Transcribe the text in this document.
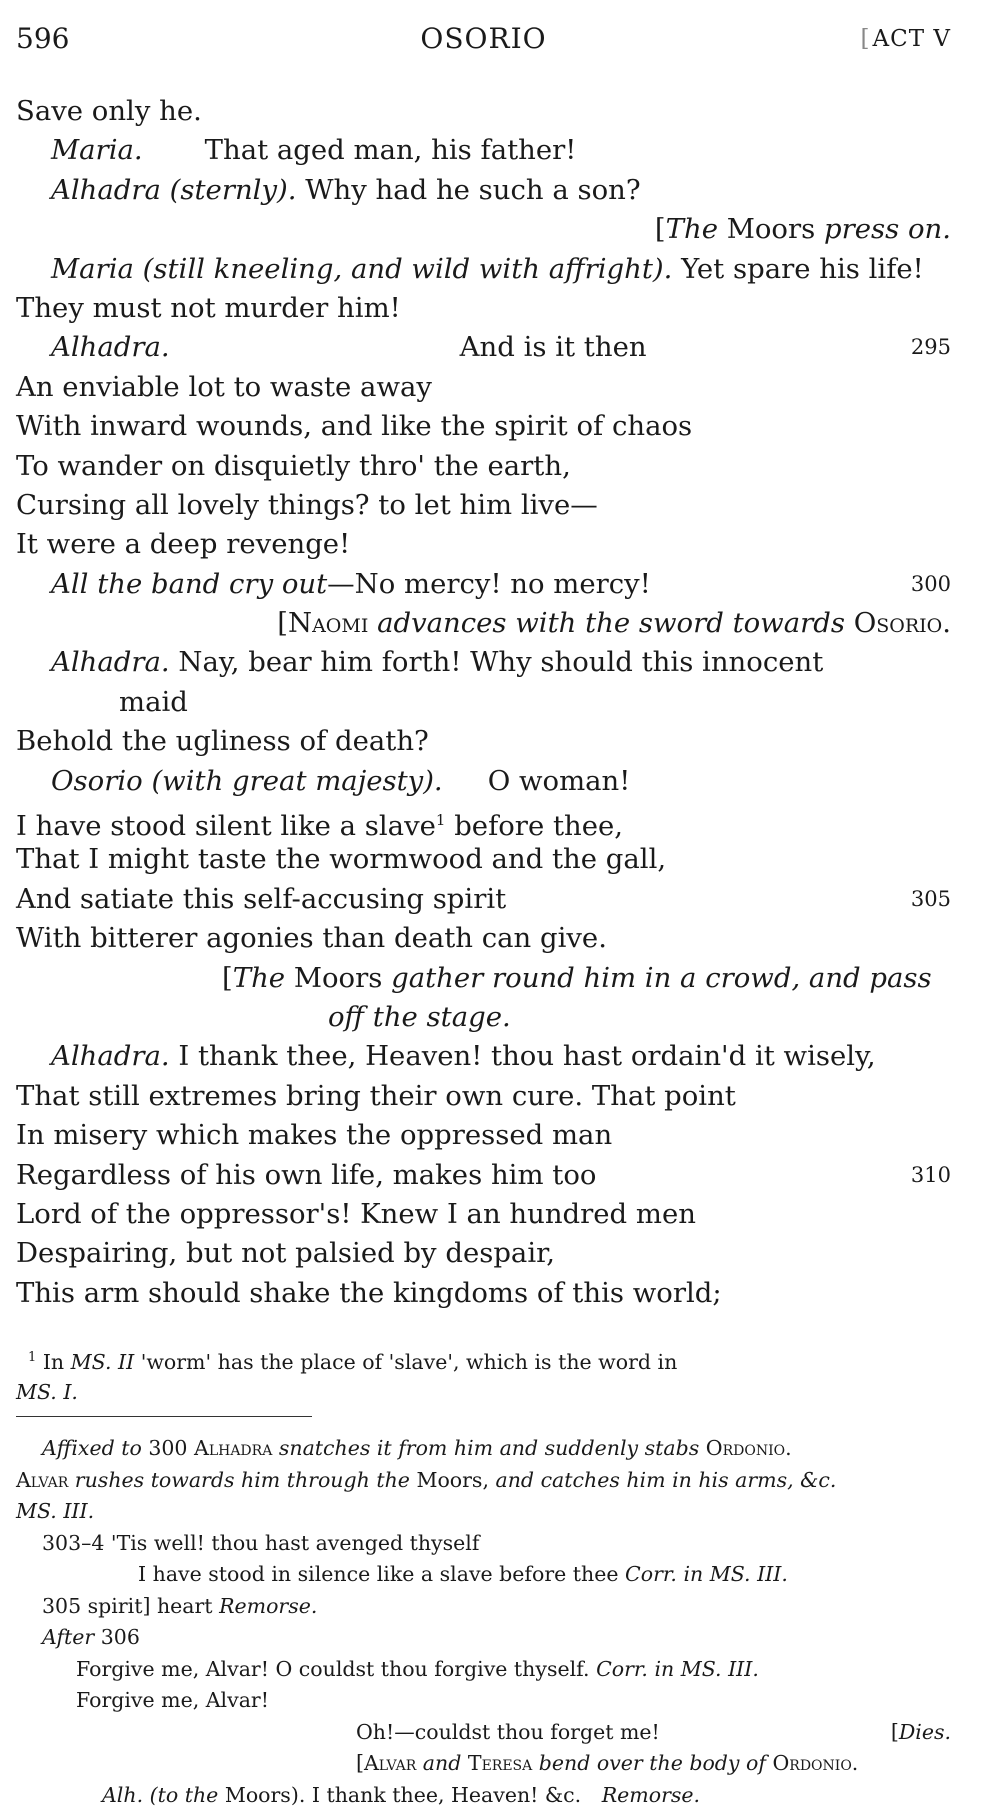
596	OSORIO	[ ACT V
Save only he.
Maria. That aged man, his father!
Alhadra (sternly). Why had he such a son?
[The Moors press on.
Maria (still kneeling, and wild with affright). Yet spare his life!
They must not murder him!
Alhadra.	And is it then	295
An enviable lot to waste away
With inward wounds, and like the spirit of chaos
To wander on disquietly thro' the earth,
Cursing all lovely things? to let him live—
It were a deep revenge!
All the band cry out—No mercy! no mercy!	300
[Naomi advances with the sword towards Osorio.
Alhadra. Nay, bear him forth! Why should this innocent
maid
Behold the ugliness of death?
Osorio (with great majesty). O woman!
I have stood silent like a slave$^1$ before thee,
That I might taste the wormwood and the gall,
And satiate this self-accusing spirit	305
With bitterer agonies than death can give.
[The Moors gather round him in a crowd, and pass
off the stage.
Alhadra. I thank thee, Heaven! thou hast ordain'd it wisely,
That still extremes bring their own cure. That point
In misery which makes the oppressed man
Regardless of his own life, makes him too	310
Lord of the oppressor's! Knew I an hundred men
Despairing, but not palsied by despair,
This arm should shake the kingdoms of this world;
$^1$ In MS. II 'worm' has the place of 'slave', which is the word in
MS. I.
Affixed to 300 Alhadra snatches it from him and suddenly stabs Ordonio.
Alvar rushes towards him through the Moors, and catches him in his arms, &c.
MS. III.
303–4 'Tis well! thou hast avenged thyself
I have stood in silence like a slave before thee Corr. in MS. III.
305 spirit] heart Remorse.
After 306
Forgive me, Alvar! O couldst thou forgive thyself. Corr. in MS. III.
Forgive me, Alvar!
Oh!—couldst thou forget me!	[Dies.
[Alvar and Teresa bend over the body of Ordonio.
Alh. (to the Moors). I thank thee, Heaven! &c. Remorse.
